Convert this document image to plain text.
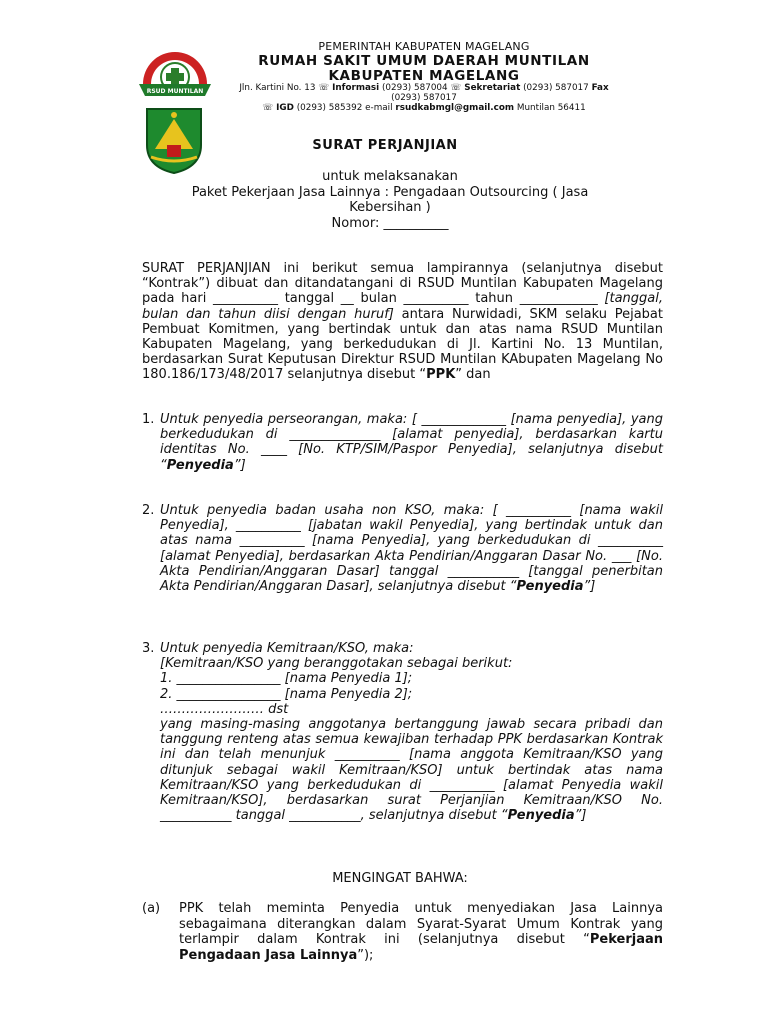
RSUD MUNTILAN
PEMERINTAH KABUPATEN MAGELANG
RUMAH SAKIT UMUM DAERAH MUNTILAN
KABUPATEN MAGELANG
Jln. Kartini No. 13 ☏ Informasi (0293) 587004 ☏ Sekretariat (0293) 587017 Fax
(0293) 587017
☏ IGD (0293) 585392 e-mail rsudkabmgl@gmail.com Muntilan 56411
SURAT PERJANJIAN
untuk melaksanakan
Paket Pekerjaan Jasa Lainnya : Pengadaan Outsourcing ( Jasa
Kebersihan )
Nomor: __________
SURAT PERJANJIAN ini berikut semua lampirannya (selanjutnya disebut “Kontrak”) dibuat dan ditandatangani di RSUD Muntilan Kabupaten Magelang pada hari __________ tanggal __ bulan __________ tahun ____________ [tanggal, bulan dan tahun diisi dengan huruf] antara Nurwidadi, SKM selaku Pejabat Pembuat Komitmen, yang bertindak untuk dan atas nama RSUD Muntilan Kabupaten Magelang, yang berkedudukan di Jl. Kartini No. 13 Muntilan, berdasarkan Surat Keputusan Direktur RSUD Muntilan KAbupaten Magelang No 180.186/173/48/2017 selanjutnya disebut “PPK” dan
1. Untuk penyedia perseorangan, maka: [ _____________ [nama penyedia], yang berkedudukan di ______________ [alamat penyedia], berdasarkan kartu identitas No. ____ [No. KTP/SIM/Paspor Penyedia], selanjutnya disebut “Penyedia”]
2. Untuk penyedia badan usaha non KSO, maka: [ __________ [nama wakil Penyedia], __________ [jabatan wakil Penyedia], yang bertindak untuk dan atas nama __________ [nama Penyedia], yang berkedudukan di __________ [alamat Penyedia], berdasarkan Akta Pendirian/Anggaran Dasar No. ___ [No. Akta Pendirian/Anggaran Dasar] tanggal ___________ [tanggal penerbitan Akta Pendirian/Anggaran Dasar], selanjutnya disebut “Penyedia”]
3. Untuk penyedia Kemitraan/KSO, maka:
[Kemitraan/KSO yang beranggotakan sebagai berikut:
1. ________________ [nama Penyedia 1];
2. ________________ [nama Penyedia 2];
…………………… dst
yang masing-masing anggotanya bertanggung jawab secara pribadi dan tanggung renteng atas semua kewajiban terhadap PPK berdasarkan Kontrak ini dan telah menunjuk __________ [nama anggota Kemitraan/KSO yang ditunjuk sebagai wakil Kemitraan/KSO] untuk bertindak atas nama Kemitraan/KSO yang berkedudukan di __________ [alamat Penyedia wakil Kemitraan/KSO], berdasarkan surat Perjanjian Kemitraan/KSO No. ___________ tanggal ___________, selanjutnya disebut “Penyedia”]
MENGINGAT BAHWA:
(a) PPK telah meminta Penyedia untuk menyediakan Jasa Lainnya sebagaimana diterangkan dalam Syarat-Syarat Umum Kontrak yang terlampir dalam Kontrak ini (selanjutnya disebut “Pekerjaan Pengadaan Jasa Lainnya”);
